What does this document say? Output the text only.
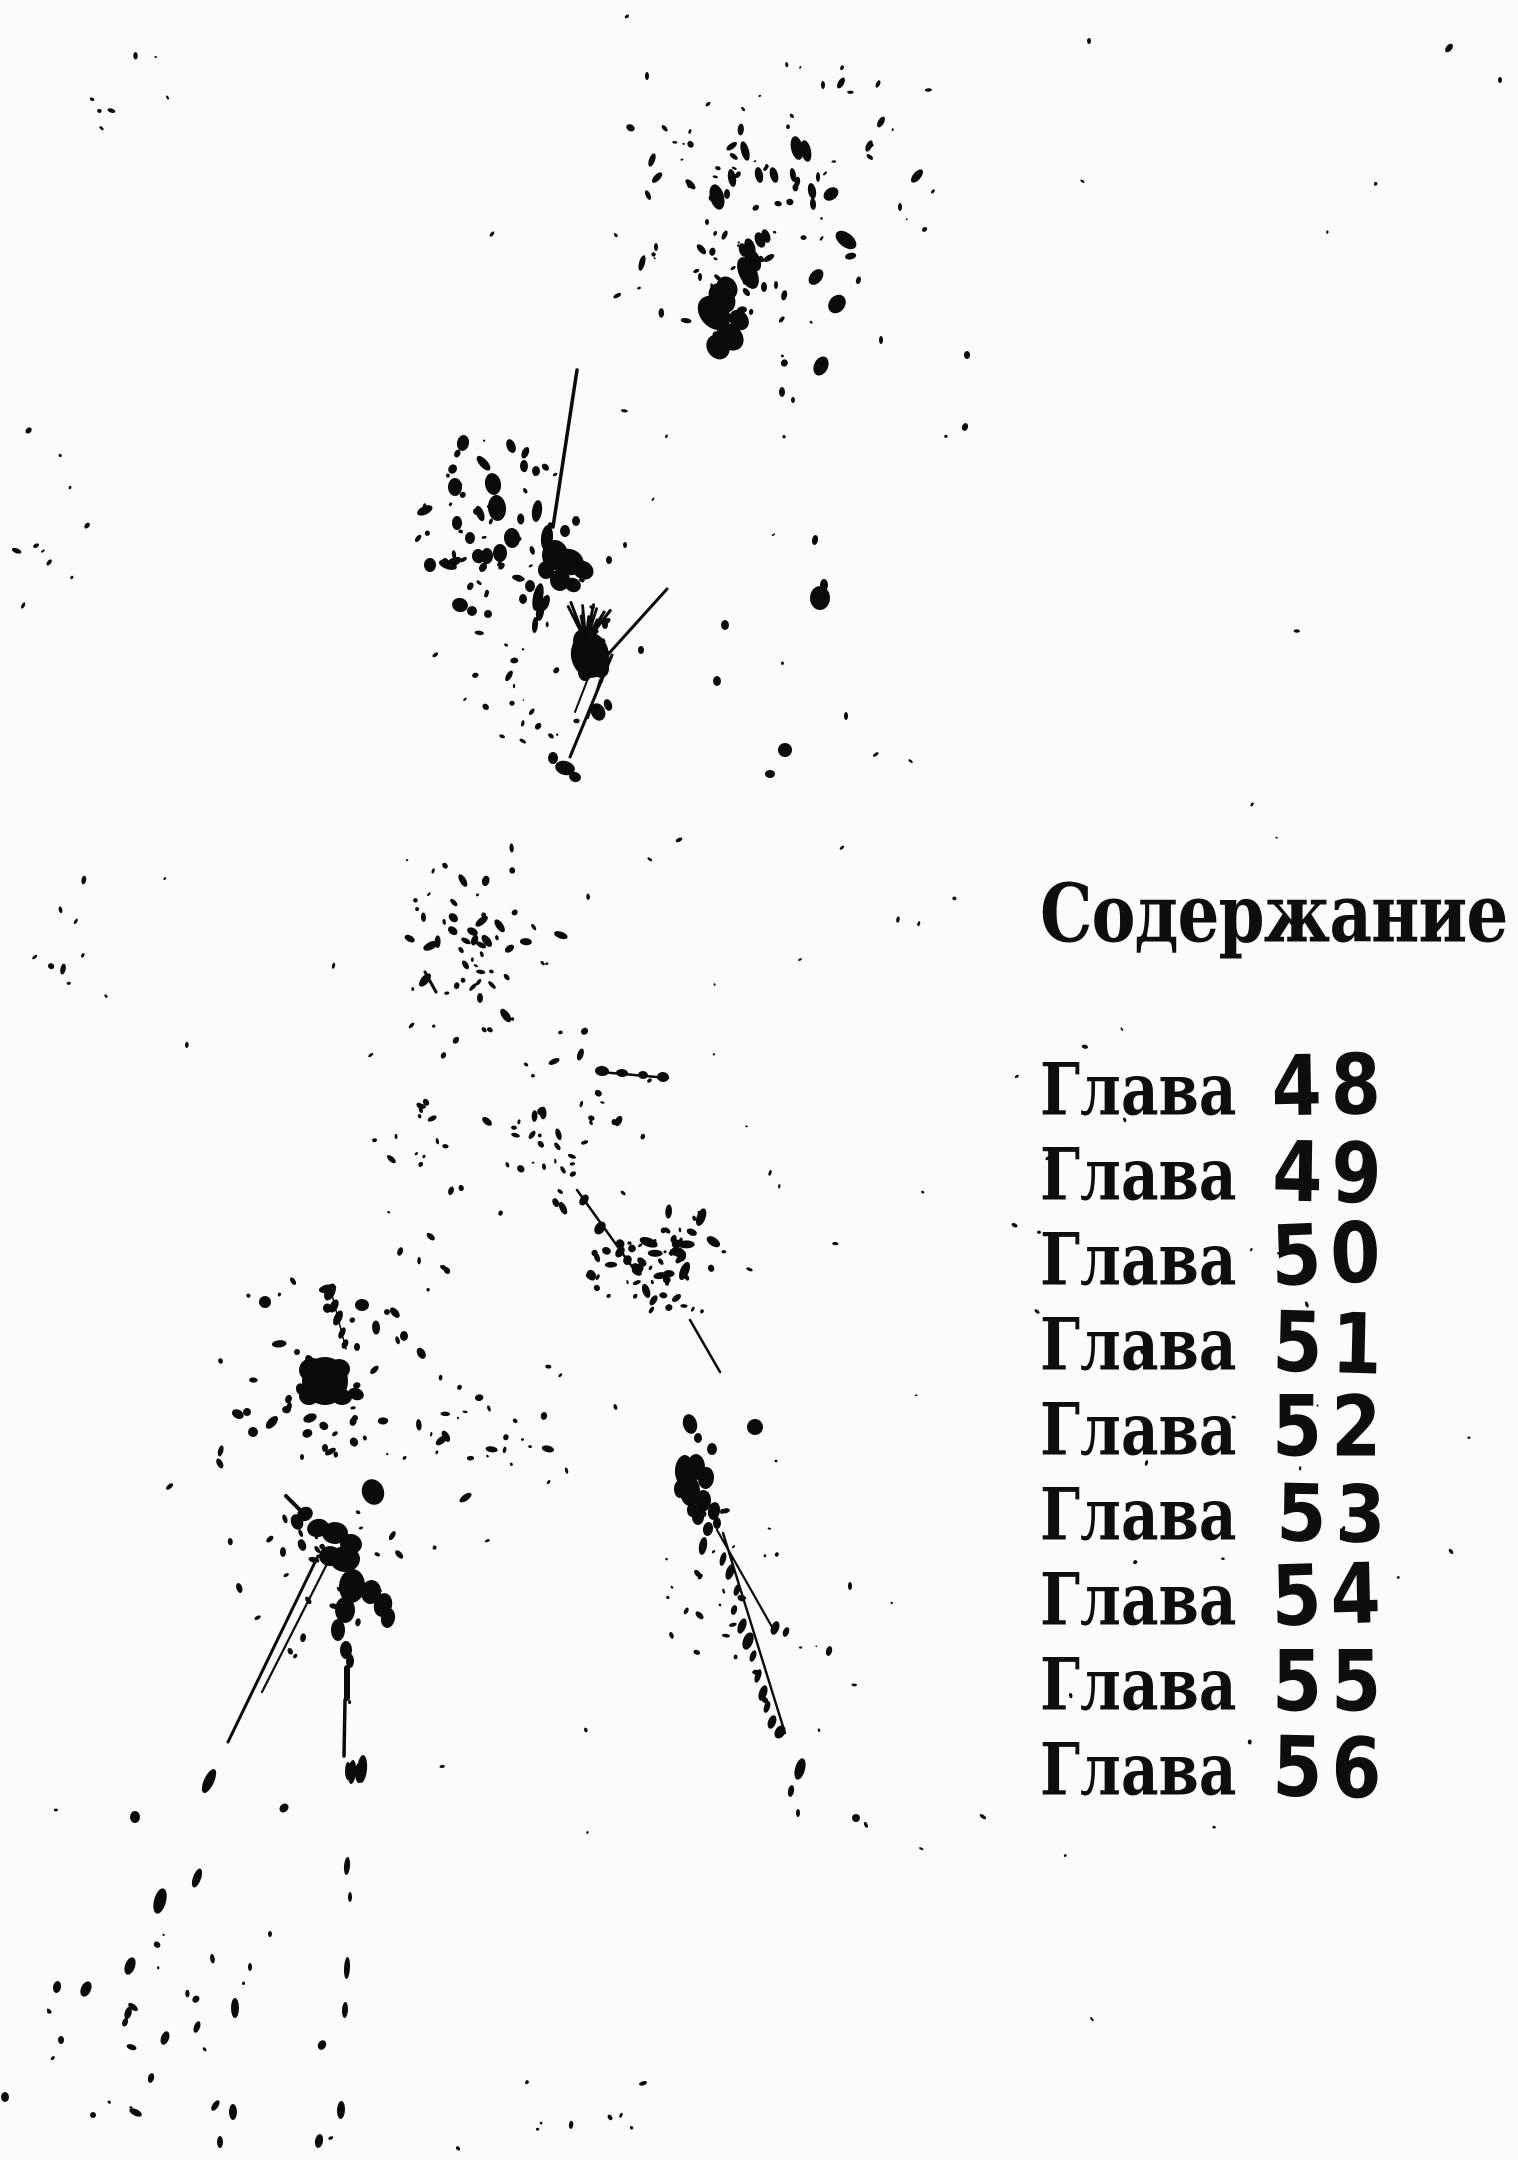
Содержание
Глава 48
Глава 49
Глава 50
Глава 51
Глава 52
Глава 53
Глава 54
Глава 55
Глава 56
